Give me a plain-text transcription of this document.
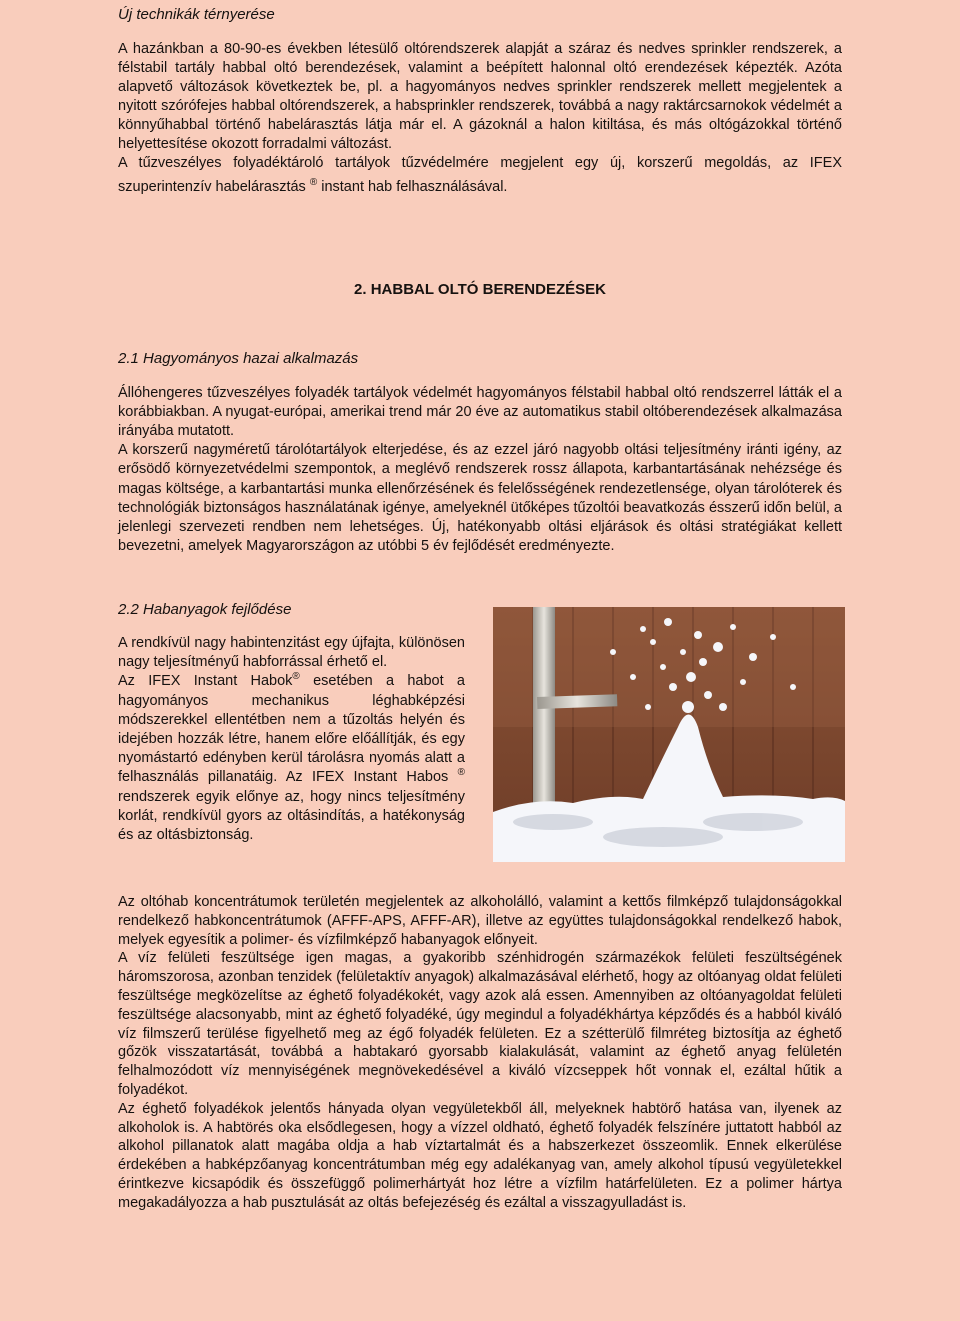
Új technikák térnyerése

A hazánkban a 80-90-es években létesülő oltórendszerek alapját a száraz és nedves sprinkler rendszerek, a félstabil tartály habbal oltó berendezések, valamint a beépített halonnal oltó erendezések képezték. Azóta alapvető változások következtek be, pl. a hagyományos nedves sprinkler rendszerek mellett megjelentek a nyitott szórófejes habbal oltórendszerek, a habsprinkler rendszerek, továbbá a nagy raktárcsarnokok védelmét a könnyűhabbal történő habelárasztás látja már el. A gázoknál a halon kitiltása, és más oltógázokkal történő helyettesítése okozott forradalmi változást.

A tűzveszélyes folyadéktároló tartályok tűzvédelmére megjelent egy új, korszerű megoldás, az IFEX szuperintenzív habelárasztás ® instant hab felhasználásával.

2. HABBAL OLTÓ BERENDEZÉSEK
2.1 Hagyományos hazai alkalmazás

Állóhengeres tűzveszélyes folyadék tartályok védelmét hagyományos félstabil habbal oltó rendszerrel látták el a korábbiakban. A nyugat-európai, amerikai trend már 20 éve az automatikus stabil oltóberendezések alkalmazása irányába mutatott.

A korszerű nagyméretű tárolótartályok elterjedése, és az ezzel járó nagyobb oltási teljesítmény iránti igény, az erősödő környezetvédelmi szempontok, a meglévő rendszerek rossz állapota, karbantartásának nehézsége és magas költsége, a karbantartási munka ellenőrzésének és felelősségének rendezetlensége, olyan tárolóterek és technológiák biztonságos használatának igénye, amelyeknél ütőképes tűzoltói beavatkozás ésszerű időn belül, a jelenlegi szervezeti rendben nem lehetséges. Új, hatékonyabb oltási eljárások és oltási stratégiákat kellett bevezetni, amelyek Magyarországon az utóbbi 5 év fejlődését eredményezte.

2.2 Habanyagok fejlődése

A rendkívül nagy habintenzitást egy újfajta, különösen nagy teljesítményű habforrással érhető el.

Az IFEX Instant Habok® esetében a habot a hagyományos mechanikus léghabképzési módszerekkel ellentétben nem a tűzoltás helyén és idejében hozzák létre, hanem előre előállítják, és egy nyomástartó edényben kerül tárolásra nyomás alatt a felhasználás pillanatáig. Az IFEX Instant Habos ® rendszerek egyik előnye az, hogy nincs teljesítmény korlát, rendkívül gyors az oltásindítás, a hatékonyság és az oltásbiztonság.

Az oltóhab koncentrátumok területén megjelentek az alkoholálló, valamint a kettős filmképző tulajdonságokkal rendelkező habkoncentrátumok (AFFF-APS, AFFF-AR), illetve az együttes tulajdonságokkal rendelkező habok, melyek egyesítik a polimer- és vízfilmképző habanyagok előnyeit.

A víz felületi feszültsége igen magas, a gyakoribb szénhidrogén származékok felületi feszültségének háromszorosa, azonban tenzidek (felületaktív anyagok) alkalmazásával elérhető, hogy az oltóanyag oldat felületi feszültsége megközelítse az éghető folyadékokét, vagy azok alá essen. Amennyiben az oltóanyagoldat felületi feszültsége alacsonyabb, mint az éghető folyadéké, úgy megindul a folyadékhártya képződés és a habból kiváló víz filmszerű terülése figyelhető meg az égő folyadék felületen. Ez a szétterülő filmréteg biztosítja az éghető gőzök visszatartását, továbbá a habtakaró gyorsabb kialakulását, valamint az éghető anyag felületén felhalmozódott víz mennyiségének megnövekedésével a kiváló vízcseppek hőt vonnak el, ezáltal hűtik a folyadékot.

Az éghető folyadékok jelentős hányada olyan vegyületekből áll, melyeknek habtörő hatása van, ilyenek az alkoholok is. A habtörés oka elsődlegesen, hogy a vízzel oldható, éghető folyadék felszínére juttatott habból az alkohol pillanatok alatt magába oldja a hab víztartalmát és a habszerkezet összeomlik. Ennek elkerülése érdekében a habképzőanyag koncentrátumban még egy adalékanyag van, amely alkohol típusú vegyületekkel érintkezve kicsapódik és összefüggő polimerhártyát hoz létre a vízfilm határfelületen. Ez a polimer hártya megakadályozza a hab pusztulását az oltás befejezéség és ezáltal a visszagyulladást is.
